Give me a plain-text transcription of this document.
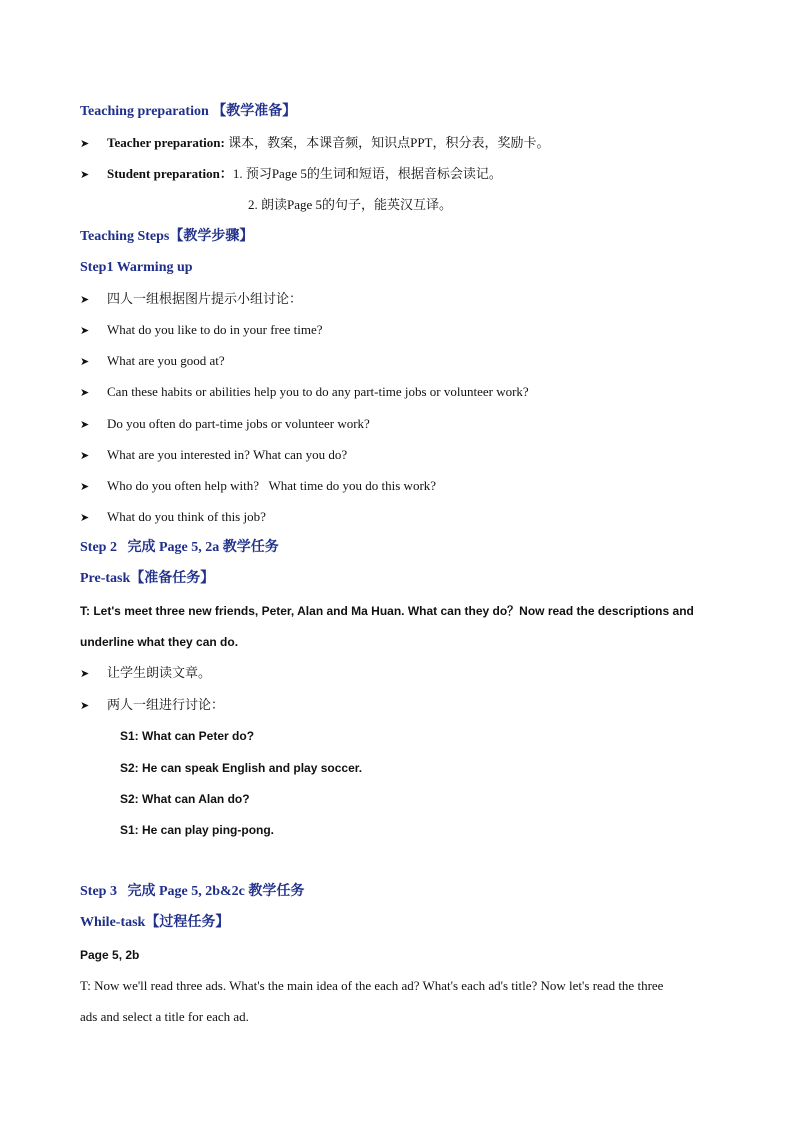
Teaching preparation 【教学准备】
➤ Teacher preparation: 课本，教案，本课音频，知识点PPT，积分表，奖励卡。
➤ Student preparation：1. 预习Page 5的生词和短语，根据音标会读记。
2. 朗读Page 5的句子，能英汉互译。
Teaching Steps【教学步骤】
Step1 Warming up
➤ 四人一组根据图片提示小组讨论：
➤ What do you like to do in your free time?
➤ What are you good at?
➤ Can these habits or abilities help you to do any part-time jobs or volunteer work?
➤ Do you often do part-time jobs or volunteer work?
➤ What are you interested in? What can you do?
➤ Who do you often help with?   What time do you do this work?
➤ What do you think of this job?
Step 2   完成 Page 5, 2a 教学任务
Pre-task【准备任务】
T: Let's meet three new friends, Peter, Alan and Ma Huan. What can they do？Now read the descriptions and
underline what they can do.
➤ 让学生朗读文章。
➤ 两人一组进行讨论：
S1: What can Peter do?
S2: He can speak English and play soccer.
S2: What can Alan do?
S1: He can play ping-pong.
Step 3   完成 Page 5, 2b&2c 教学任务
While-task【过程任务】
Page 5, 2b
T: Now we'll read three ads. What's the main idea of the each ad? What's each ad's title? Now let's read the three
ads and select a title for each ad.
